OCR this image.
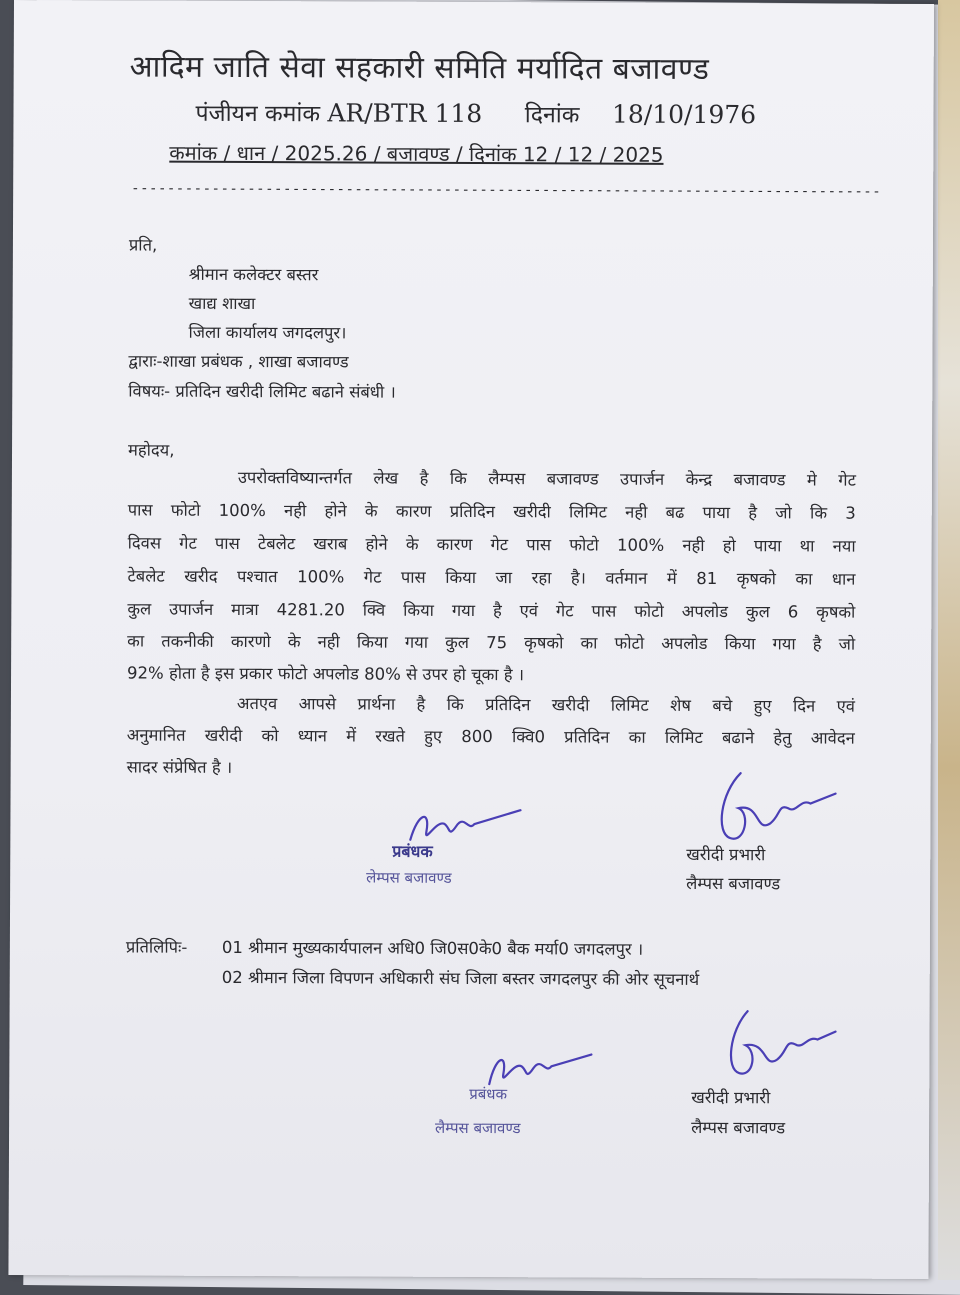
आदिम जाति सेवा सहकारी समिति मर्यादित बजावण्ड
पंजीयन कमांक AR/BTR 118 दिनांक 18/10/1976
कमांक / धान / 2025.26 / बजावण्ड / दिनांक 12 / 12 / 2025
------------------------------------------------------------------------------------
प्रति,
श्रीमान कलेक्टर बस्तर
खाद्य शाखा
जिला कार्यालय जगदलपुर।
द्वाराः-शाखा प्रबंधक , शाखा बजावण्ड
विषयः- प्रतिदिन खरीदी लिमिट बढाने संबंधी ।
महोदय,
उपरोक्तविष्यान्तर्गत लेख है कि लैम्पस बजावण्ड उपार्जन केन्द्र बजावण्ड मे गेट
पास फोटो 100% नही होने के कारण प्रतिदिन खरीदी लिमिट नही बढ पाया है जो कि 3
दिवस गेट पास टेबलेट खराब होने के कारण गेट पास फोटो 100% नही हो पाया था नया
टेबलेट खरीद पश्चात 100% गेट पास किया जा रहा है। वर्तमान में 81 कृषको का धान
कुल उपार्जन मात्रा 4281.20 क्वि किया गया है एवं गेट पास फोटो अपलोड कुल 6 कृषको
का तकनीकी कारणो के नही किया गया कुल 75 कृषको का फोटो अपलोड किया गया है जो
92% होता है इस प्रकार फोटो अपलोड 80% से उपर हो चूका है ।
अतएव आपसे प्रार्थना है कि प्रतिदिन खरीदी लिमिट शेष बचे हुए दिन एवं
अनुमानित खरीदी को ध्यान में रखते हुए 800 क्वि0 प्रतिदिन का लिमिट बढाने हेतु आवेदन
सादर संप्रेषित है ।
प्रबंधक
लेम्पस बजावण्ड
खरीदी प्रभारी
लैम्पस बजावण्ड
प्रतिलिपिः- 01 श्रीमान मुख्यकार्यपालन अधि0 जि0स0के0 बैक मर्या0 जगदलपुर ।
02 श्रीमान जिला विपणन अधिकारी संघ जिला बस्तर जगदलपुर की ओर सूचनार्थ
प्रबंधक
लैम्पस बजावण्ड
खरीदी प्रभारी
लैम्पस बजावण्ड
